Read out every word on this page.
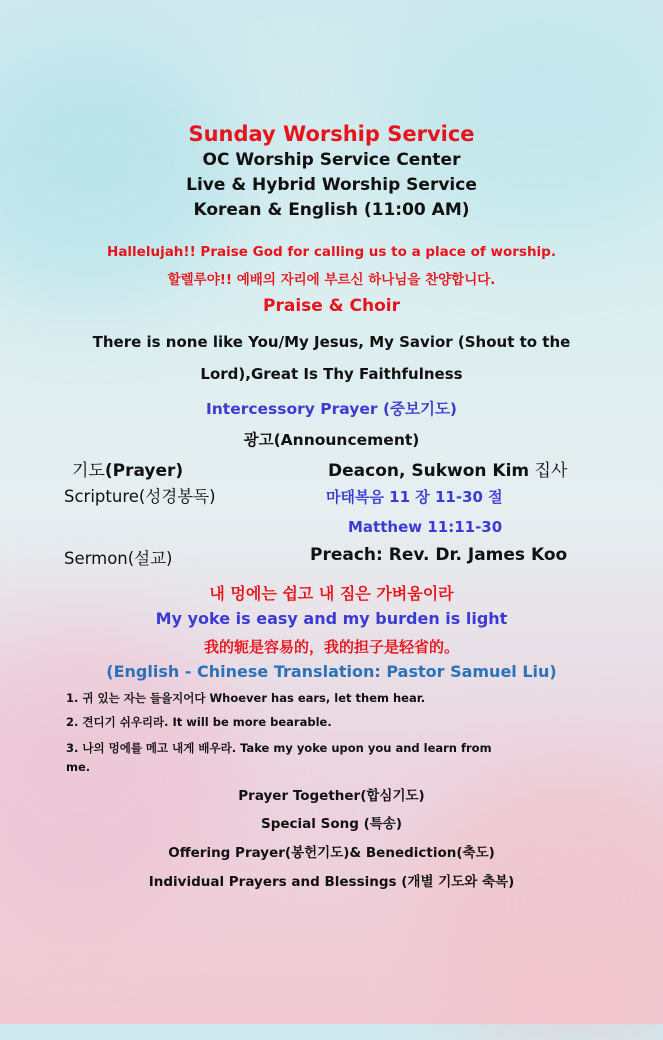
Sunday Worship Service
OC Worship Service Center
Live & Hybrid Worship Service
Korean & English (11:00 AM)
Hallelujah!! Praise God for calling us to a place of worship.
할렐루야!! 예배의 자리에 부르신 하나님을 찬양합니다.
Praise & Choir
There is none like You/My Jesus, My Savior (Shout to the
Lord),Great Is Thy Faithfulness
Intercessory Prayer (중보기도)
광고(Announcement)
기도(Prayer)	Deacon, Sukwon Kim 집사
Scripture(성경봉독)	마태복음 11 장 11-30 절
Matthew 11:11-30
Sermon(설교)	Preach: Rev. Dr. James Koo
내 멍에는 쉽고 내 짐은 가벼움이라
My yoke is easy and my burden is light
我的轭是容易的，我的担子是轻省的。
(English - Chinese Translation: Pastor Samuel Liu)
1. 귀 있는 자는 들을지어다 Whoever has ears, let them hear.
2. 견디기 쉬우리라. It will be more bearable.
3. 나의 멍에를 메고 내게 배우라. Take my yoke upon you and learn from
me.
Prayer Together(합심기도)
Special Song (특송)
Offering Prayer(봉헌기도)& Benediction(축도)
Individual Prayers and Blessings (개별 기도와 축복)
